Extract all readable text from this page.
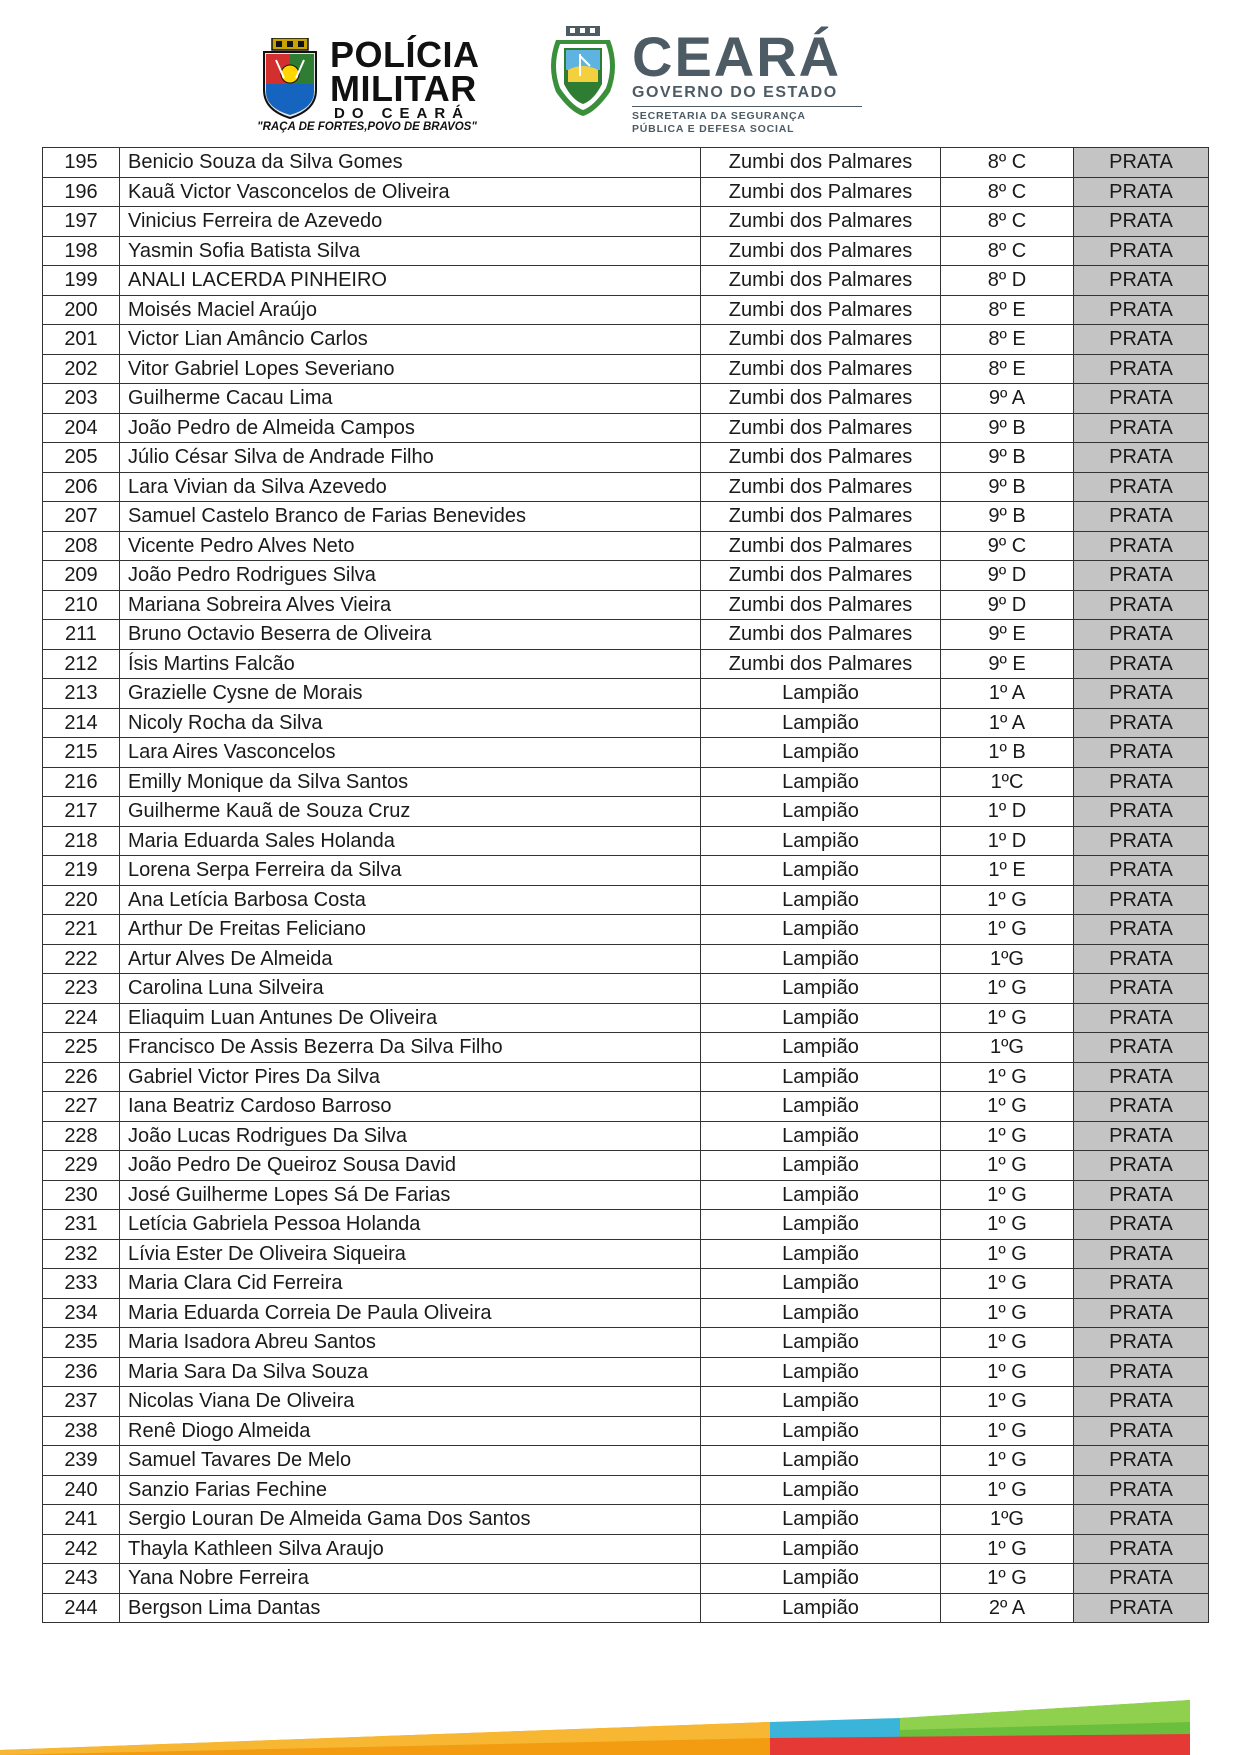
POLÍCIA
MILITAR
DO CEARÁ
"RAÇA DE FORTES,POVO DE BRAVOS"
CEARÁ
GOVERNO DO ESTADO
SECRETARIA DA SEGURANÇA
PÚBLICA E DEFESA SOCIAL
195	Benicio Souza da Silva Gomes	Zumbi dos Palmares	8º C	PRATA
196	Kauã Victor Vasconcelos de Oliveira	Zumbi dos Palmares	8º C	PRATA
197	Vinicius Ferreira de Azevedo	Zumbi dos Palmares	8º C	PRATA
198	Yasmin Sofia Batista Silva	Zumbi dos Palmares	8º C	PRATA
199	ANALI LACERDA PINHEIRO	Zumbi dos Palmares	8º D	PRATA
200	Moisés Maciel Araújo	Zumbi dos Palmares	8º E	PRATA
201	Victor Lian Amâncio Carlos	Zumbi dos Palmares	8º E	PRATA
202	Vitor Gabriel Lopes Severiano	Zumbi dos Palmares	8º E	PRATA
203	Guilherme Cacau Lima	Zumbi dos Palmares	9º A	PRATA
204	João Pedro de Almeida Campos	Zumbi dos Palmares	9º B	PRATA
205	Júlio César Silva de Andrade Filho	Zumbi dos Palmares	9º B	PRATA
206	Lara Vivian da Silva Azevedo	Zumbi dos Palmares	9º B	PRATA
207	Samuel Castelo Branco de Farias Benevides	Zumbi dos Palmares	9º B	PRATA
208	Vicente Pedro Alves Neto	Zumbi dos Palmares	9º C	PRATA
209	João Pedro Rodrigues Silva	Zumbi dos Palmares	9º D	PRATA
210	Mariana Sobreira Alves Vieira	Zumbi dos Palmares	9º D	PRATA
211	Bruno Octavio Beserra de Oliveira	Zumbi dos Palmares	9º E	PRATA
212	Ísis Martins Falcão	Zumbi dos Palmares	9º E	PRATA
213	Grazielle Cysne de Morais	Lampião	1º A	PRATA
214	Nicoly Rocha da Silva	Lampião	1º A	PRATA
215	Lara Aires Vasconcelos	Lampião	1º B	PRATA
216	Emilly Monique da Silva Santos	Lampião	1ºC	PRATA
217	Guilherme Kauã de Souza Cruz	Lampião	1º D	PRATA
218	Maria Eduarda Sales Holanda	Lampião	1º D	PRATA
219	Lorena Serpa Ferreira da Silva	Lampião	1º E	PRATA
220	Ana Letícia Barbosa Costa	Lampião	1º G	PRATA
221	Arthur De Freitas Feliciano	Lampião	1º G	PRATA
222	Artur Alves De Almeida	Lampião	1ºG	PRATA
223	Carolina Luna Silveira	Lampião	1º G	PRATA
224	Eliaquim Luan Antunes De Oliveira	Lampião	1º G	PRATA
225	Francisco De Assis Bezerra Da Silva Filho	Lampião	1ºG	PRATA
226	Gabriel Victor Pires Da Silva	Lampião	1º G	PRATA
227	Iana Beatriz Cardoso Barroso	Lampião	1º G	PRATA
228	João Lucas Rodrigues Da Silva	Lampião	1º G	PRATA
229	João Pedro De Queiroz Sousa David	Lampião	1º G	PRATA
230	José Guilherme Lopes Sá De Farias	Lampião	1º G	PRATA
231	Letícia Gabriela Pessoa Holanda	Lampião	1º G	PRATA
232	Lívia Ester De Oliveira Siqueira	Lampião	1º G	PRATA
233	Maria Clara Cid Ferreira	Lampião	1º G	PRATA
234	Maria Eduarda Correia De Paula Oliveira	Lampião	1º G	PRATA
235	Maria Isadora Abreu Santos	Lampião	1º G	PRATA
236	Maria Sara Da Silva Souza	Lampião	1º G	PRATA
237	Nicolas Viana De Oliveira	Lampião	1º G	PRATA
238	Renê Diogo Almeida	Lampião	1º G	PRATA
239	Samuel Tavares De Melo	Lampião	1º G	PRATA
240	Sanzio Farias Fechine	Lampião	1º G	PRATA
241	Sergio Louran De Almeida Gama Dos Santos	Lampião	1ºG	PRATA
242	Thayla Kathleen Silva Araujo	Lampião	1º G	PRATA
243	Yana Nobre Ferreira	Lampião	1º G	PRATA
244	Bergson Lima Dantas	Lampião	2º A	PRATA
